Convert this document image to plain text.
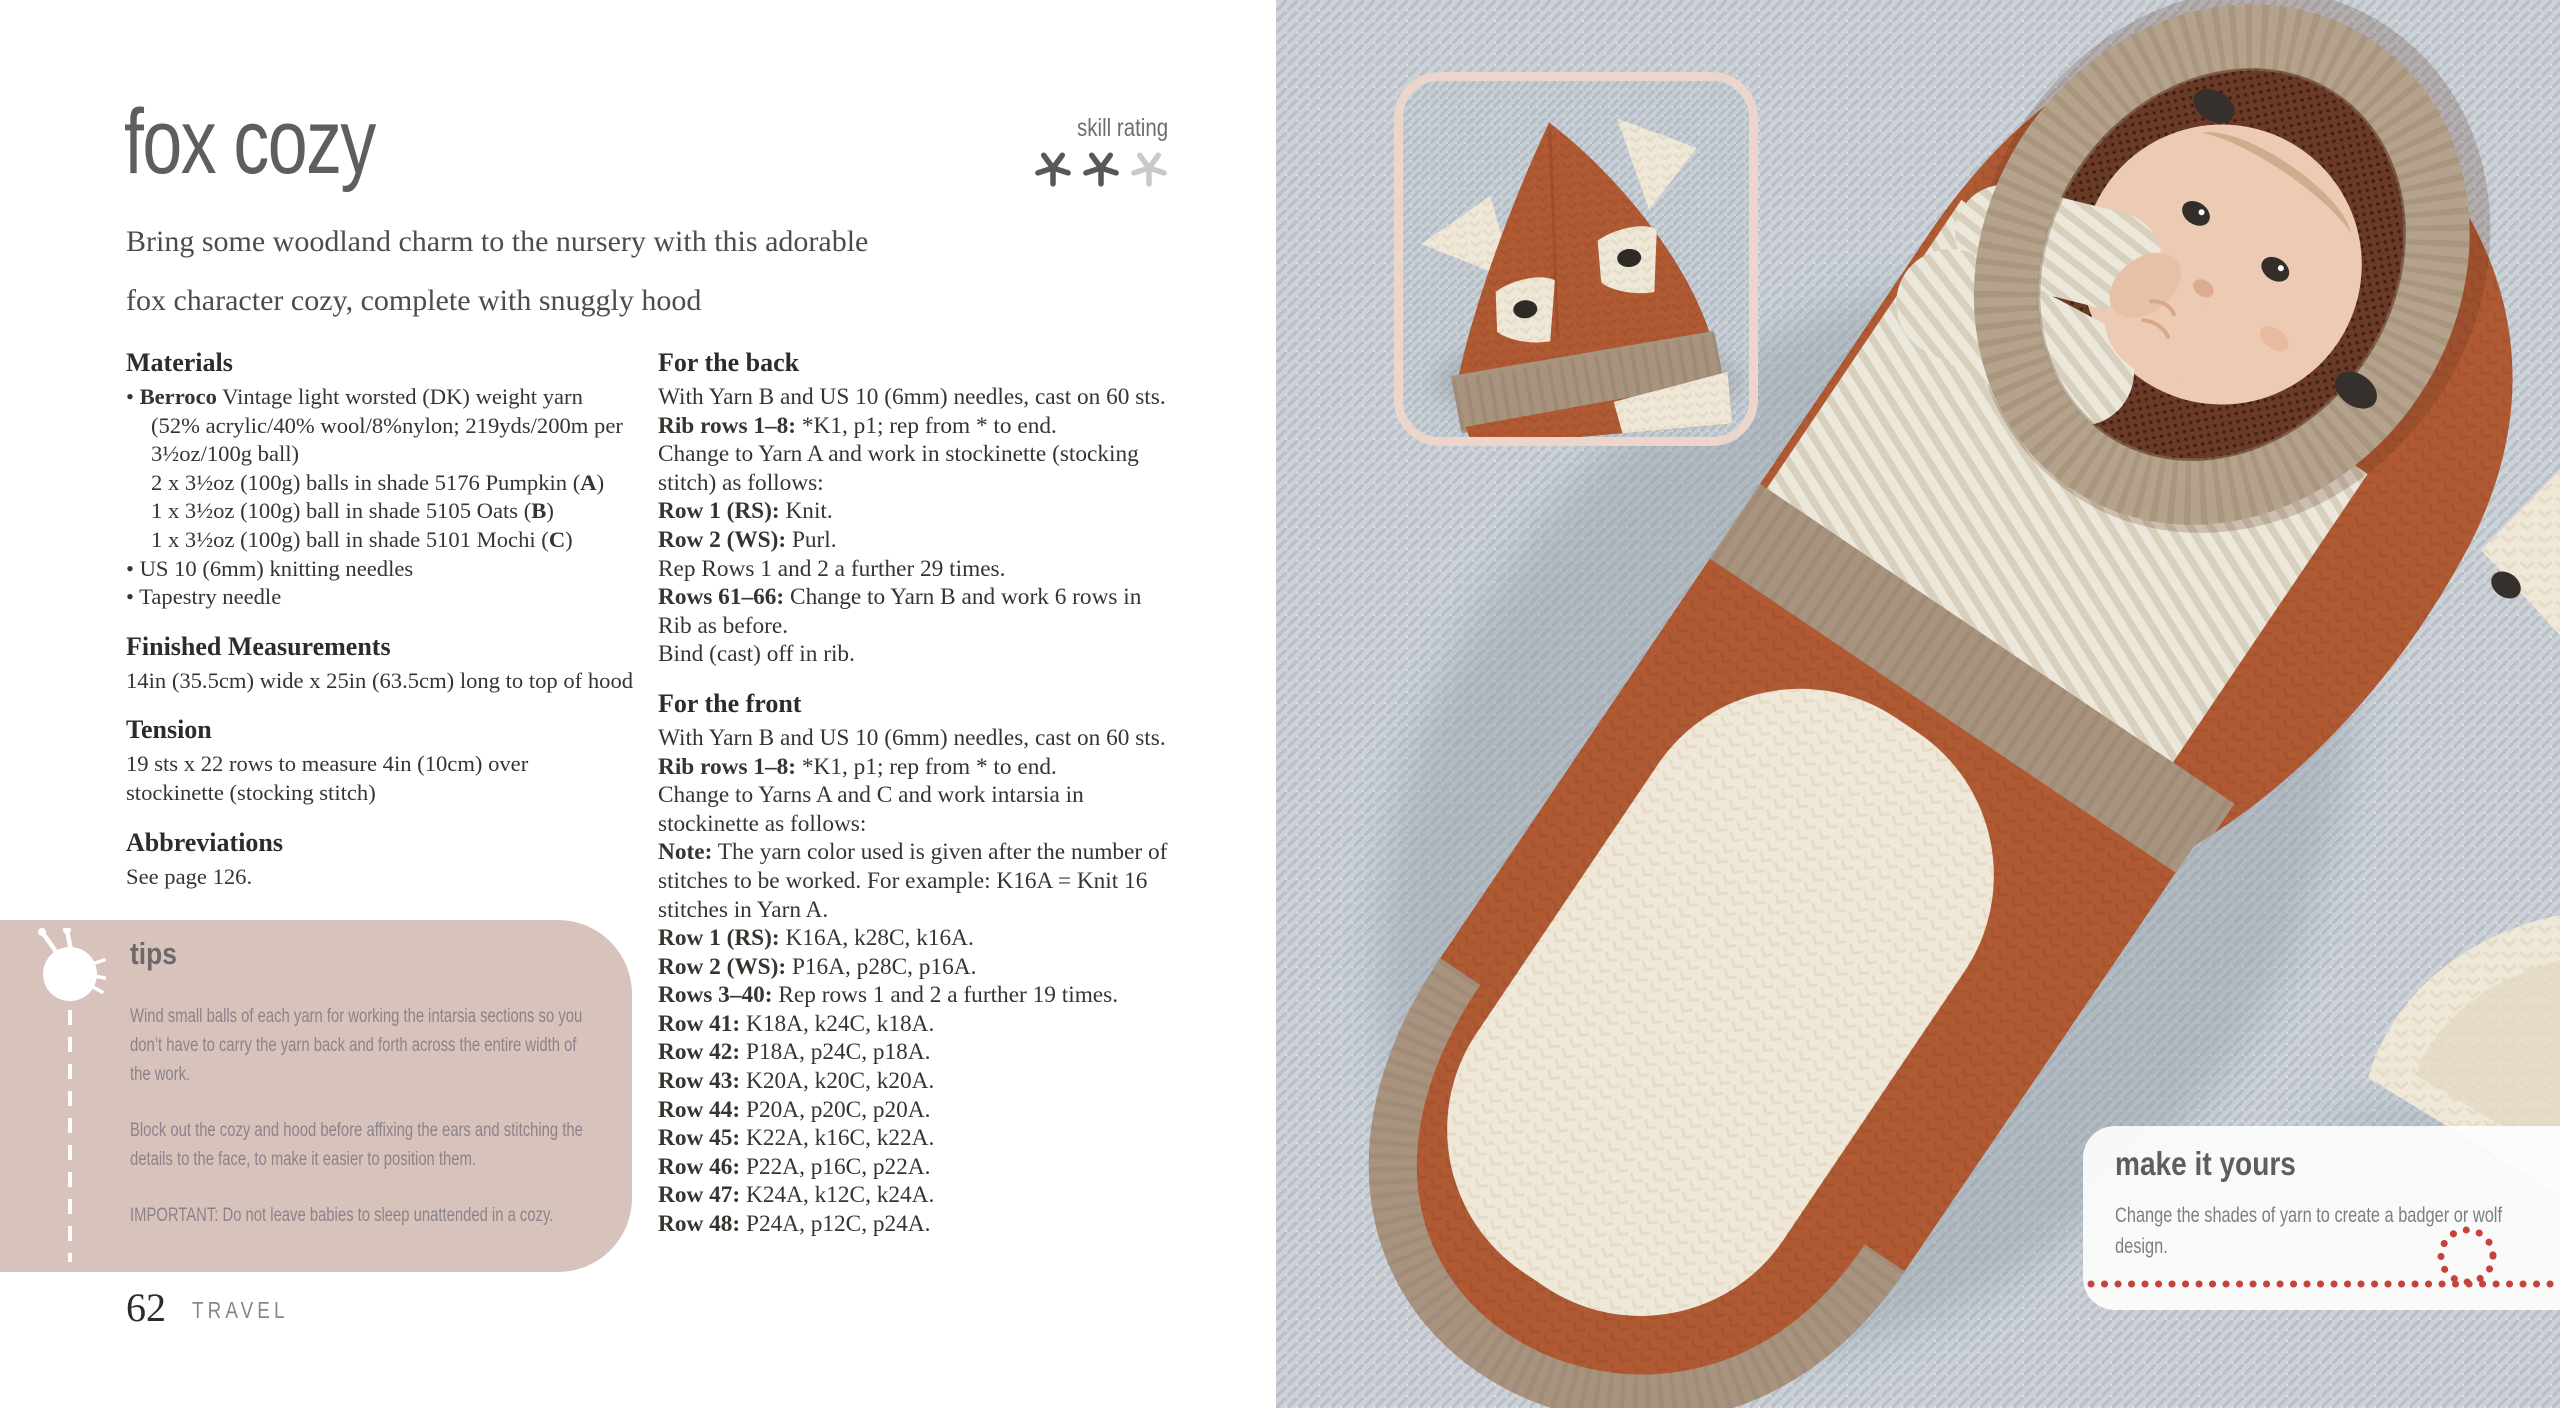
fox cozy	skill rating

Bring some woodland charm to the nursery with this adorable
fox character cozy, complete with snuggly hood

Materials

• Berroco Vintage light worsted (DK) weight yarn

(52% acrylic/40% wool/8%nylon; 219yds/200m per

3½oz/100g ball)

2 x 3½oz (100g) balls in shade 5176 Pumpkin (A)

1 x 3½oz (100g) ball in shade 5105 Oats (B)

1 x 3½oz (100g) ball in shade 5101 Mochi (C)

• US 10 (6mm) knitting needles

• Tapestry needle

Finished Measurements

14in (35.5cm) wide x 25in (63.5cm) long to top of hood

Tension

19 sts x 22 rows to measure 4in (10cm) over

stockinette (stocking stitch)

Abbreviations

See page 126.

For the back

With Yarn B and US 10 (6mm) needles, cast on 60 sts.

Rib rows 1–8: *K1, p1; rep from * to end.

Change to Yarn A and work in stockinette (stocking

stitch) as follows:

Row 1 (RS): Knit.

Row 2 (WS): Purl.

Rep Rows 1 and 2 a further 29 times.

Rows 61–66: Change to Yarn B and work 6 rows in

Rib as before.

Bind (cast) off in rib.

For the front

With Yarn B and US 10 (6mm) needles, cast on 60 sts.

Rib rows 1–8: *K1, p1; rep from * to end.

Change to Yarns A and C and work intarsia in

stockinette as follows:

Note: The yarn color used is given after the number of

stitches to be worked. For example: K16A = Knit 16

stitches in Yarn A.

Row 1 (RS): K16A, k28C, k16A.

Row 2 (WS): P16A, p28C, p16A.

Rows 3–40: Rep rows 1 and 2 a further 19 times.

Row 41: K18A, k24C, k18A.

Row 42: P18A, p24C, p18A.

Row 43: K20A, k20C, k20A.

Row 44: P20A, p20C, p20A.

Row 45: K22A, k16C, k22A.

Row 46: P22A, p16C, p22A.

Row 47: K24A, k12C, k24A.

Row 48: P24A, p12C, p24A.

tips

Wind small balls of each yarn for working the intarsia sections so you don’t have to carry the yarn back and forth across the entire width of the work.

Block out the cozy and hood before affixing the ears and stitching the details to the face, to make it easier to position them.

IMPORTANT: Do not leave babies to sleep unattended in a cozy.

62 TRAVEL
make it yours

Change the shades of yarn to create a badger or wolf design.
